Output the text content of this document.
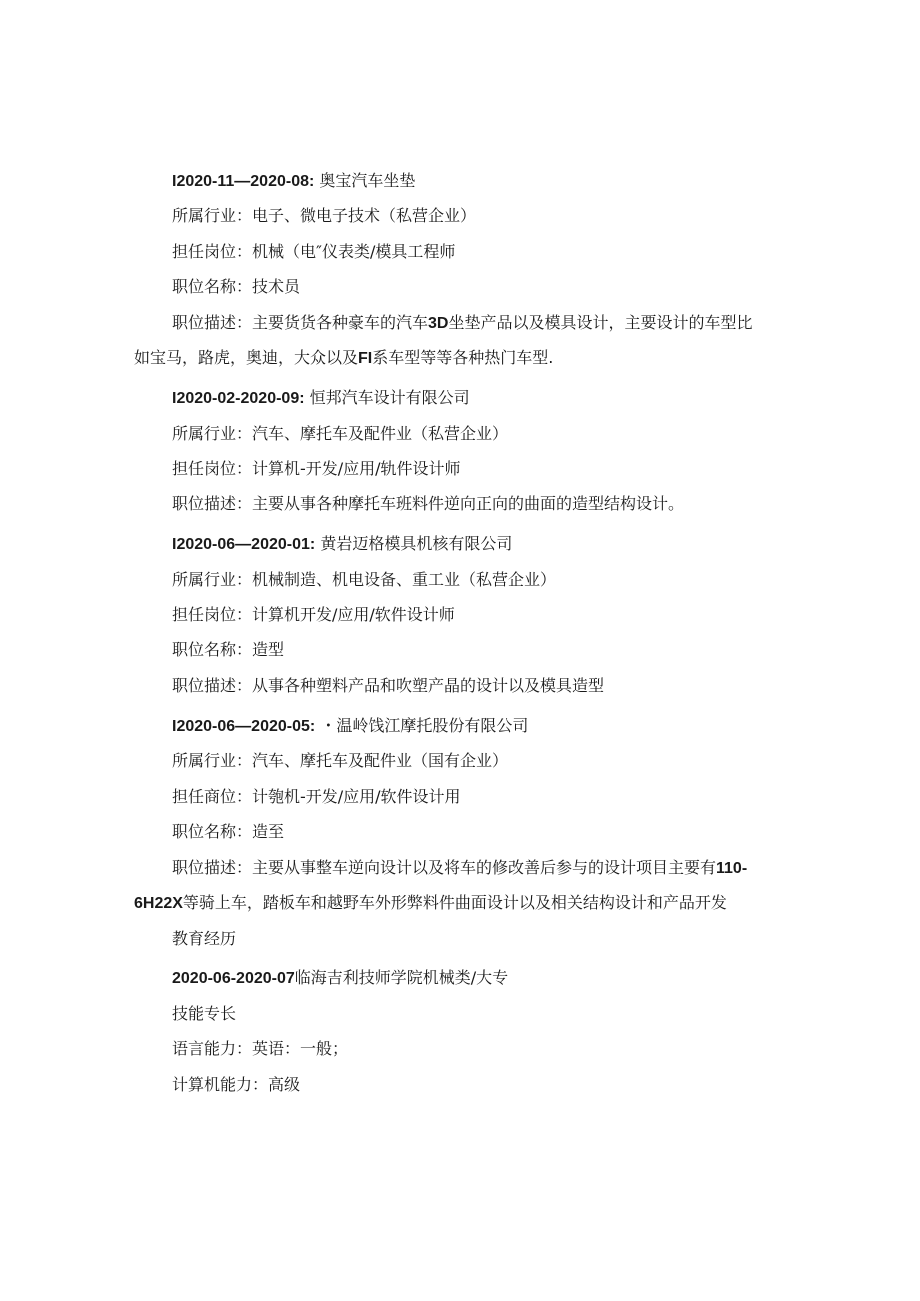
I2020-11—2020-08: 奥宝汽车坐垫
所属行业：电子、微电子技术（私营企业）
担任岗位：机械（电″仪表类/模具工程师
职位名称：技术员
职位描述：主要货货各种豪车的汽车3D坐垫产品以及模具设计，主要设计的车型比
如宝马，路虎，奥迪，大众以及FI系车型等等各种热门车型.
I2020-02-2020-09: 恒邦汽车设计有限公司
所属行业：汽车、摩托车及配件业（私营企业）
担任岗位：计算机-开发/应用/轨件设计师
职位描述：主要从事各种摩托车班料件逆向正向的曲面的造型结构设计。
I2020-06—2020-01: 黄岩迈格模具机核有限公司
所属行业：机械制造、机电设备、重工业（私营企业）
担任岗位：计算机开发/应用/软件设计师
职位名称：造型
职位描述：从事各种塑料产品和吹塑产晶的设计以及模具造型
I2020-06—2020-05: ・温岭饯江摩托股份有限公司
所属行业：汽车、摩托车及配件业（国有企业）
担任商位：计匏机-开发/应用/软件设计用
职位名称：造至
职位描述：主要从事整车逆向设计以及将车的修改善后参与的设计项目主要有110-
6H22X等骑上车，踏板车和越野车外形弊料件曲面设计以及相关结构设计和产品开发
教育经历
2020-06-2020-07临海吉利技师学院机械类/大专
技能专长
语言能力：英语：一般；
计算机能力：高级
